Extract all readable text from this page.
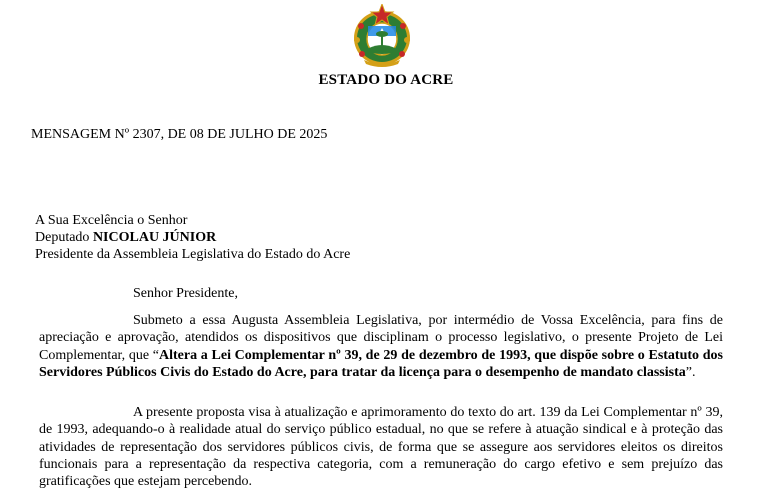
ESTADO DO ACRE
MENSAGEM Nº 2307, DE 08 DE JULHO DE 2025
A Sua Excelência o Senhor
Deputado NICOLAU JÚNIOR
Presidente da Assembleia Legislativa do Estado do Acre
Senhor Presidente,

Submeto a essa Augusta Assembleia Legislativa, por intermédio de Vossa Excelência, para fins de apreciação e aprovação, atendidos os dispositivos que disciplinam o processo legislativo, o presente Projeto de Lei Complementar, que “Altera a Lei Complementar nº 39, de 29 de dezembro de 1993, que dispõe sobre o Estatuto dos Servidores Públicos Civis do Estado do Acre, para tratar da licença para o desempenho de mandato classista”.

A presente proposta visa à atualização e aprimoramento do texto do art. 139 da Lei Complementar nº 39, de 1993, adequando-o à realidade atual do serviço público estadual, no que se refere à atuação sindical e à proteção das atividades de representação dos servidores públicos civis, de forma que se assegure aos servidores eleitos os direitos funcionais para a representação da respectiva categoria, com a remuneração do cargo efetivo e sem prejuízo das gratificações que estejam percebendo.
